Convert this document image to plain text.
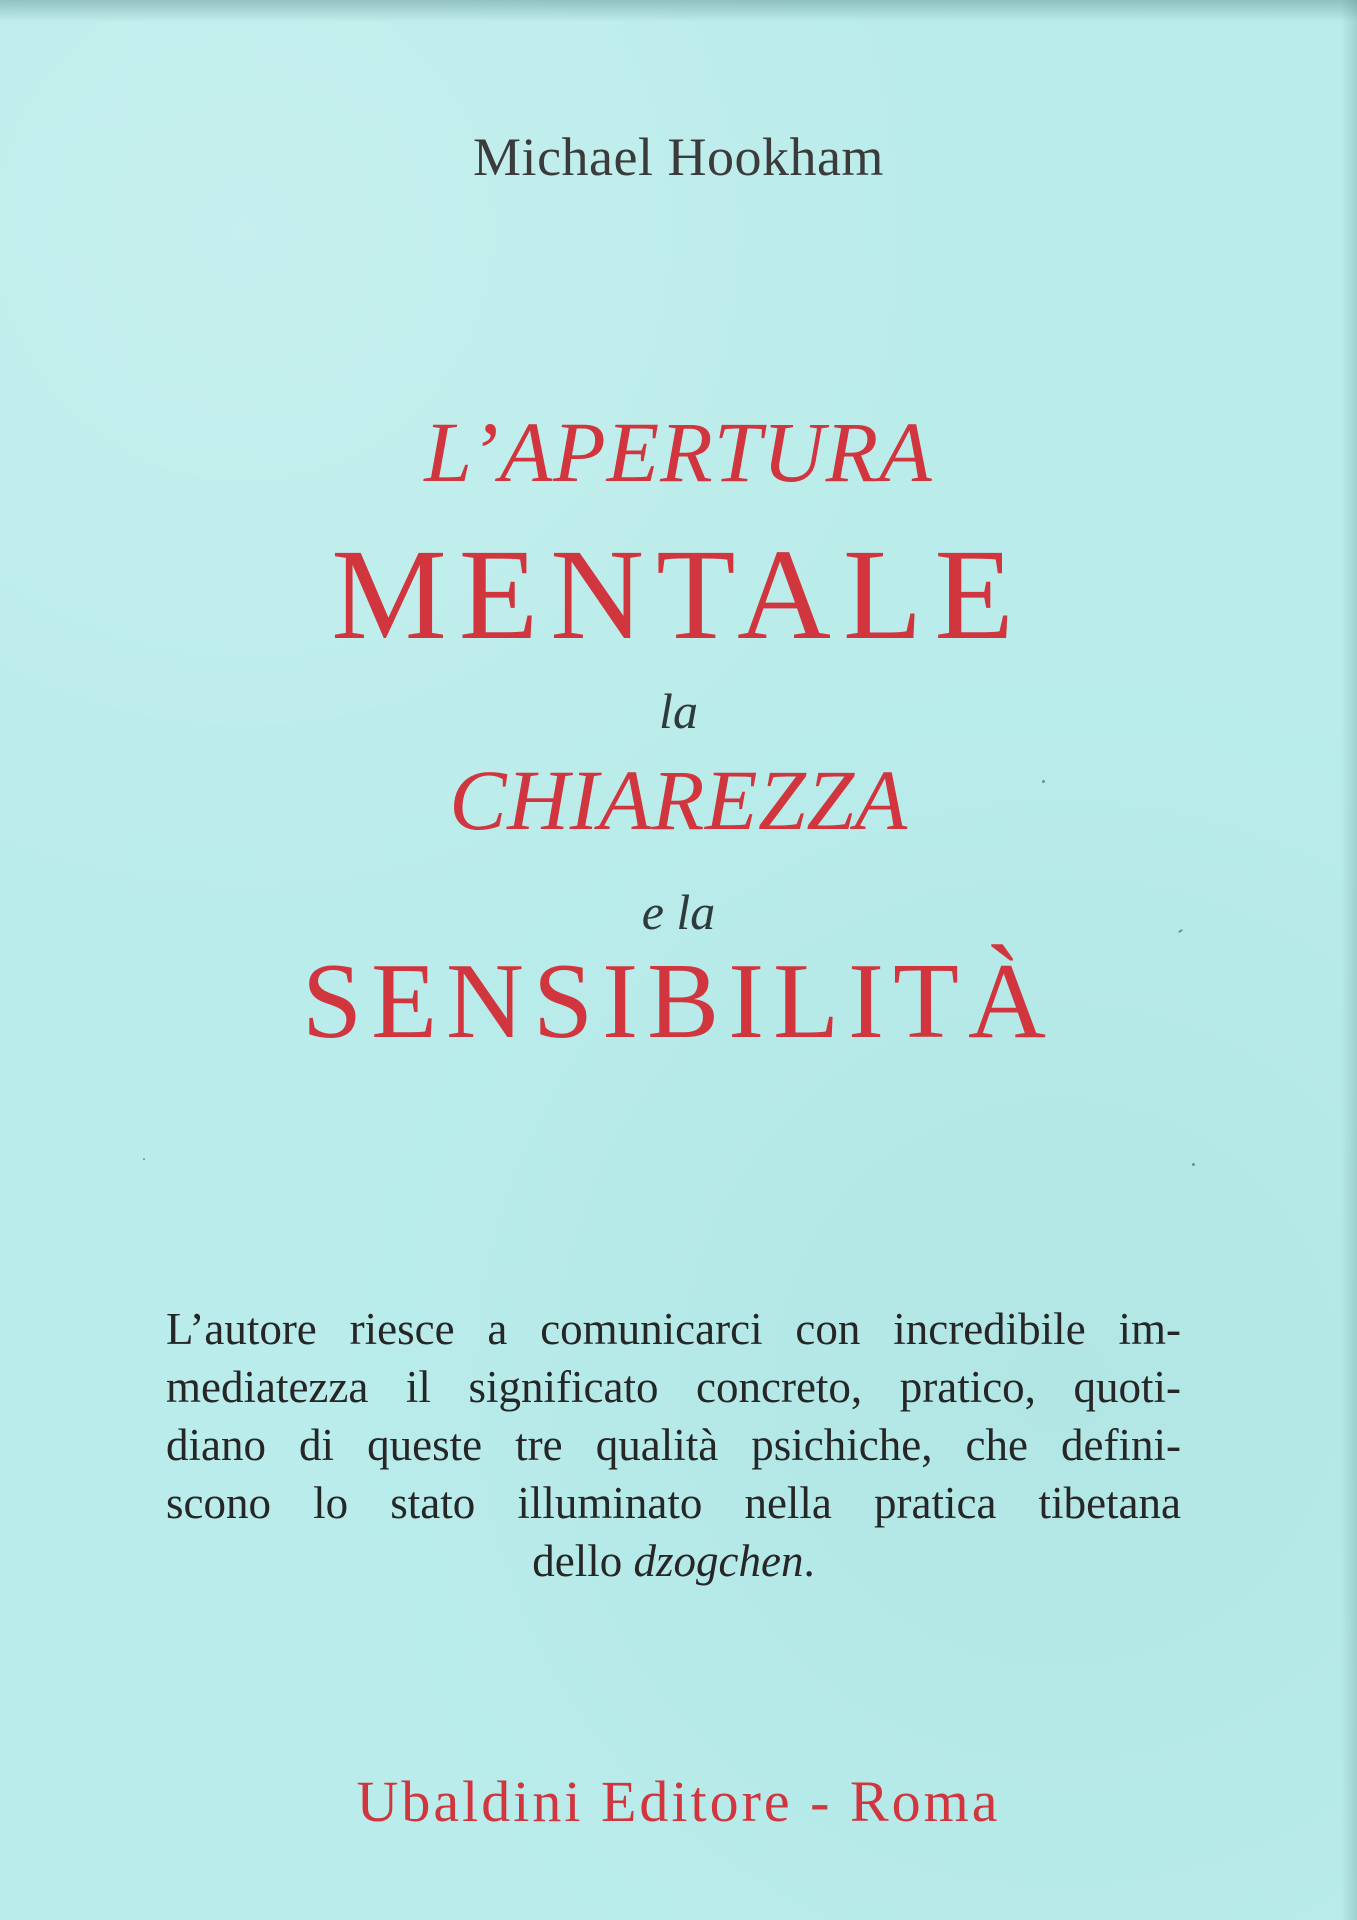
Michael Hookham
L’APERTURA
MENTALE
la
CHIAREZZA
e la
SENSIBILITÀ
L’autore riesce a comunicarci con incredibile im-
mediatezza il significato concreto, pratico, quoti-
diano di queste tre qualità psichiche, che defini-
scono lo stato illuminato nella pratica tibetana
dello dzogchen.
Ubaldini Editore - Roma
